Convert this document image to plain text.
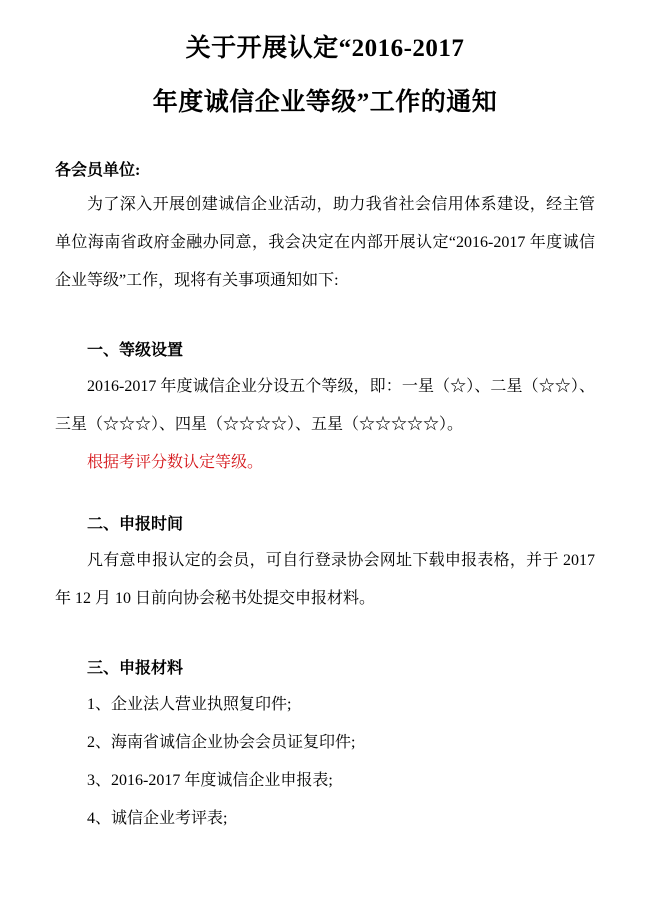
关于开展认定“2016-2017
年度诚信企业等级”工作的通知

各会员单位:

为了深入开展创建诚信企业活动，助力我省社会信用体系建设，经主管单位海南省政府金融办同意，我会决定在内部开展认定“2016-2017 年度诚信企业等级”工作，现将有关事项通知如下:

一、等级设置

2016-2017 年度诚信企业分设五个等级，即：一星（☆）、二星（☆☆）、三星（☆☆☆）、四星（☆☆☆☆）、五星（☆☆☆☆☆）。

根据考评分数认定等级。

二、申报时间

凡有意申报认定的会员，可自行登录协会网址下载申报表格，并于 2017 年 12 月 10 日前向协会秘书处提交申报材料。

三、申报材料

1、企业法人营业执照复印件;

2、海南省诚信企业协会会员证复印件;

3、2016-2017 年度诚信企业申报表;

4、诚信企业考评表;
